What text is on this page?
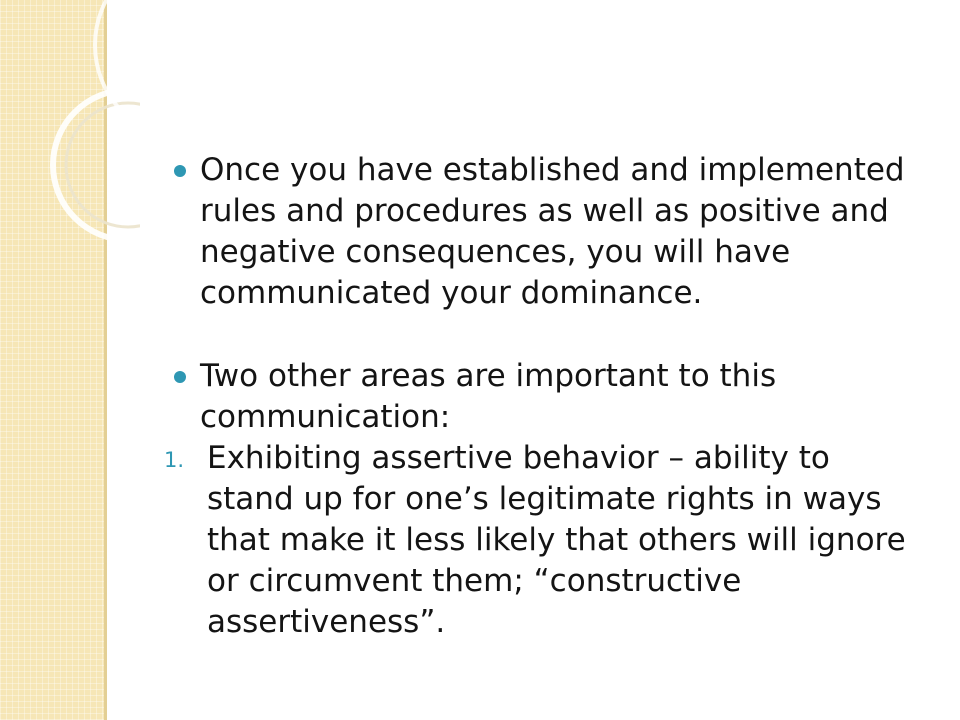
Once you have established and implemented rules and procedures as well as positive and negative consequences, you will have communicated your dominance.
Two other areas are important to this communication:
1. Exhibiting assertive behavior – ability to stand up for one’s legitimate rights in ways that make it less likely that others will ignore or circumvent them; “constructive assertiveness”.
